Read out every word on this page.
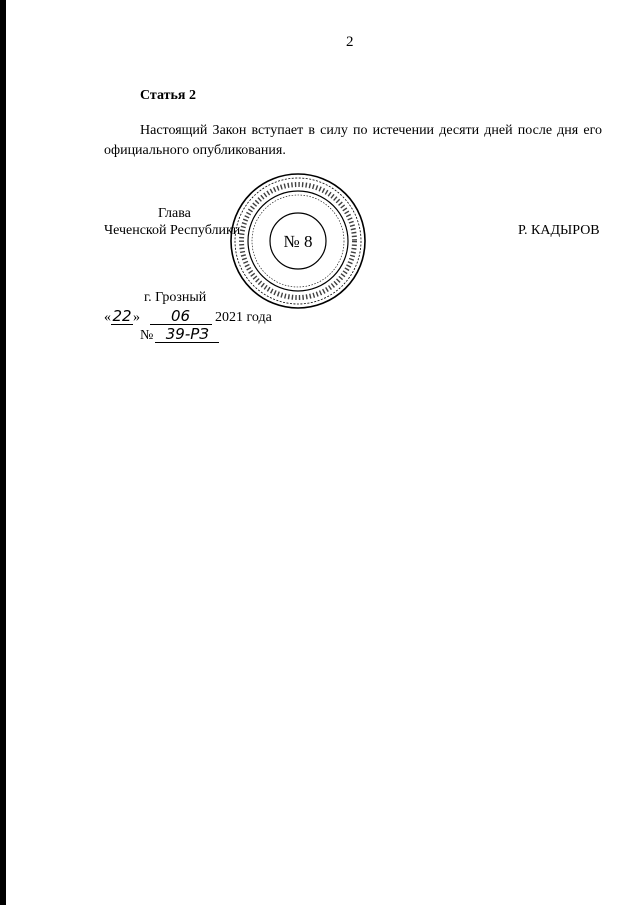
2
Статья 2
Настоящий Закон вступает в силу по истечении десяти дней после дня его официального опубликования.
Глава
Чеченской Республики	Р. КАДЫРОВ
№ 8
г. Грозный
«22» 06 2021 года
№ 39-РЗ
